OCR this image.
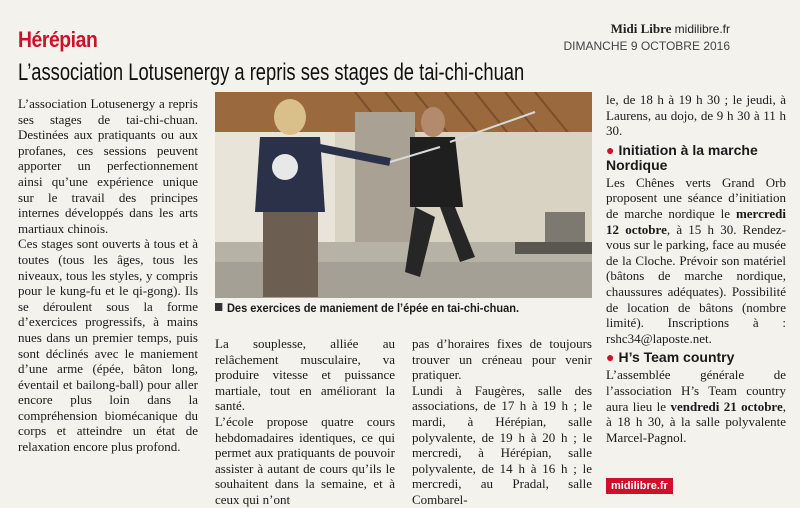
Hérépian	Midi Libre midilibre.fr
DIMANCHE 9 OCTOBRE 2016
L’association Lotusenergy a repris ses stages de tai-chi-chuan

L’association Lotusenergy a repris ses stages de tai-chi-chuan. Destinées aux pratiquants ou aux profanes, ces sessions peuvent apporter un perfectionnement ainsi qu’une expérience unique sur le travail des principes internes développés dans les arts martiaux chinois.

Ces stages sont ouverts à tous et à toutes (tous les âges, tous les niveaux, tous les styles, y compris pour le kung-fu et le qi-gong). Ils se déroulent sous la forme d’exercices progressifs, à mains nues dans un premier temps, puis sont déclinés avec le maniement d’une arme (épée, bâton long, éventail et bailong-ball) pour aller encore plus loin dans la compréhension biomécanique du corps et atteindre un état de relaxation encore plus profond.

Des exercices de maniement de l’épée en tai-chi-chuan.

La souplesse, alliée au relâchement musculaire, va produire vitesse et puissance martiale, tout en améliorant la santé.

L’école propose quatre cours hebdomadaires identiques, ce qui permet aux pratiquants de pouvoir assister à autant de cours qu’ils le souhaitent dans la semaine, et à ceux qui n’ont

pas d’horaires fixes de toujours trouver un créneau pour venir pratiquer.

Lundi à Faugères, salle des associations, de 17 h à 19 h ; le mardi, à Hérépian, salle polyvalente, de 19 h à 20 h ; le mercredi, à Hérépian, salle polyvalente, de 14 h à 16 h ; le mercredi, au Pradal, salle Combarel-

le, de 18 h à 19 h 30 ; le jeudi, à Laurens, au dojo, de 9 h 30 à 11 h 30.

● Initiation à la marche Nordique

Les Chênes verts Grand Orb proposent une séance d’initiation de marche nordique le mercredi 12 octobre, à 15 h 30. Rendez-vous sur le parking, face au musée de la Cloche. Prévoir son matériel (bâtons de marche nordique, chaussures adéquates). Possibilité de location de bâtons (nombre limité). Inscriptions à : rshc34@laposte.net.

● H’s Team country

L’assemblée générale de l’association H’s Team country aura lieu le vendredi 21 octobre, à 18 h 30, à la salle polyvalente Marcel-Pagnol.

midilibre.fr
